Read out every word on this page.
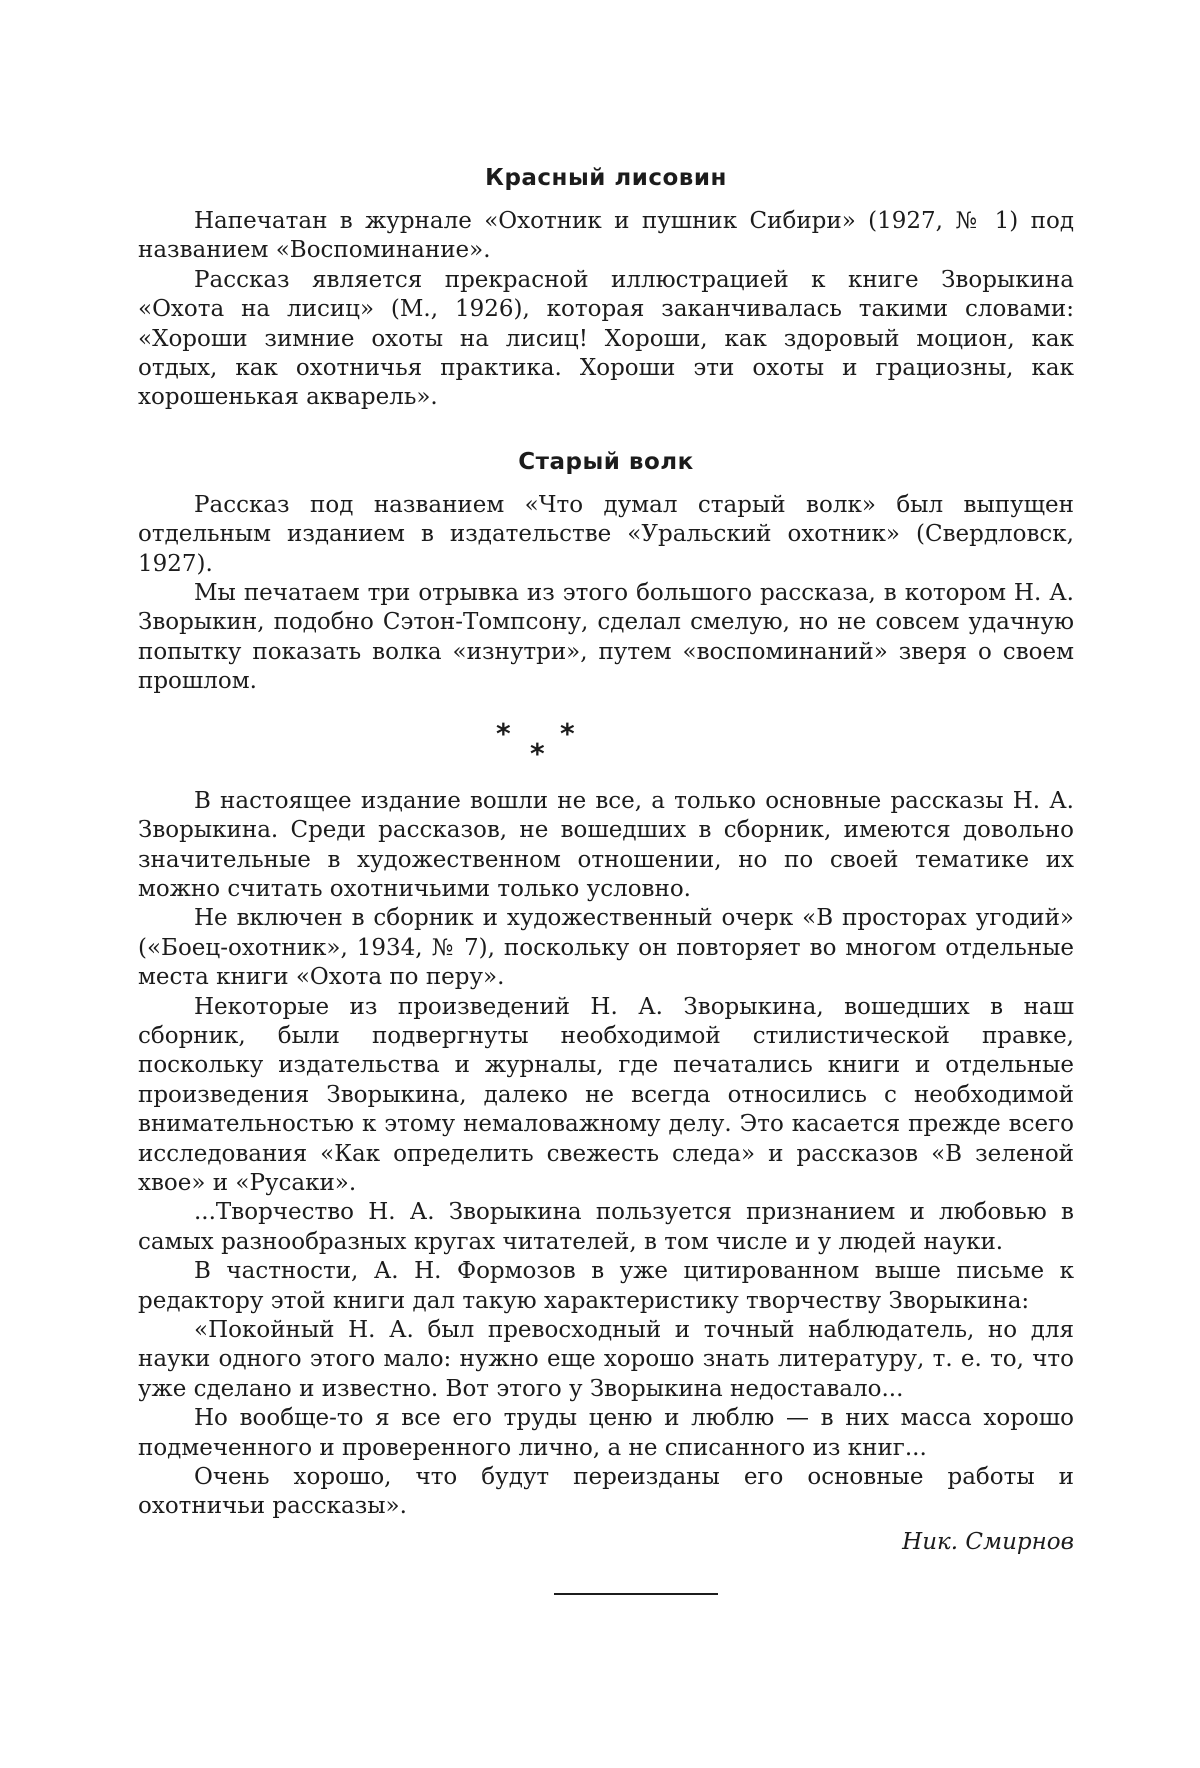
Красный лисовин

Напечатан в журнале «Охотник и пушник Сибири» (1927, № 1) под названием «Воспоминание».

Рассказ является прекрасной иллюстрацией к книге Зворыкина «Охота на лисиц» (М., 1926), которая заканчивалась такими словами: «Хороши зимние охоты на лисиц! Хороши, как здоровый моцион, как отдых, как охотничья практика. Хороши эти охоты и грациозны, как хорошенькая акварель».

Старый волк

Рассказ под названием «Что думал старый волк» был выпущен отдельным изданием в издательстве «Уральский охотник» (Свердловск, 1927).

Мы печатаем три отрывка из этого большого рассказа, в котором Н. А. Зворыкин, подобно Сэтон-Томпсону, сделал смелую, но не совсем удачную попытку показать волка «изнутри», путем «воспоминаний» зверя о своем прошлом.

*
*
*

В настоящее издание вошли не все, а только основные рассказы Н. А. Зворыкина. Среди рассказов, не вошедших в сборник, имеются довольно значительные в художественном отношении, но по своей тематике их можно считать охотничьими только условно.

Не включен в сборник и художественный очерк «В просторах угодий» («Боец-охотник», 1934, № 7), поскольку он повторяет во многом отдельные места книги «Охота по перу».

Некоторые из произведений Н. А. Зворыкина, вошедших в наш сборник, были подвергнуты необходимой стилистической правке, поскольку издательства и журналы, где печатались книги и отдельные произведения Зворыкина, далеко не всегда относились с необходимой внимательностью к этому немаловажному делу. Это касается прежде всего исследования «Как определить свежесть следа» и рассказов «В зеленой хвое» и «Русаки».

...Творчество Н. А. Зворыкина пользуется признанием и любовью в самых разнообразных кругах читателей, в том числе и у людей науки.

В частности, А. Н. Формозов в уже цитированном выше письме к редактору этой книги дал такую характеристику творчеству Зворыкина:

«Покойный Н. А. был превосходный и точный наблюдатель, но для науки одного этого мало: нужно еще хорошо знать литературу, т. е. то, что уже сделано и известно. Вот этого у Зворыкина недоставало...

Но вообще-то я все его труды ценю и люблю — в них масса хорошо подмеченного и проверенного лично, а не списанного из книг...

Очень хорошо, что будут переизданы его основные работы и охотничьи рассказы».

Ник. Смирнов
